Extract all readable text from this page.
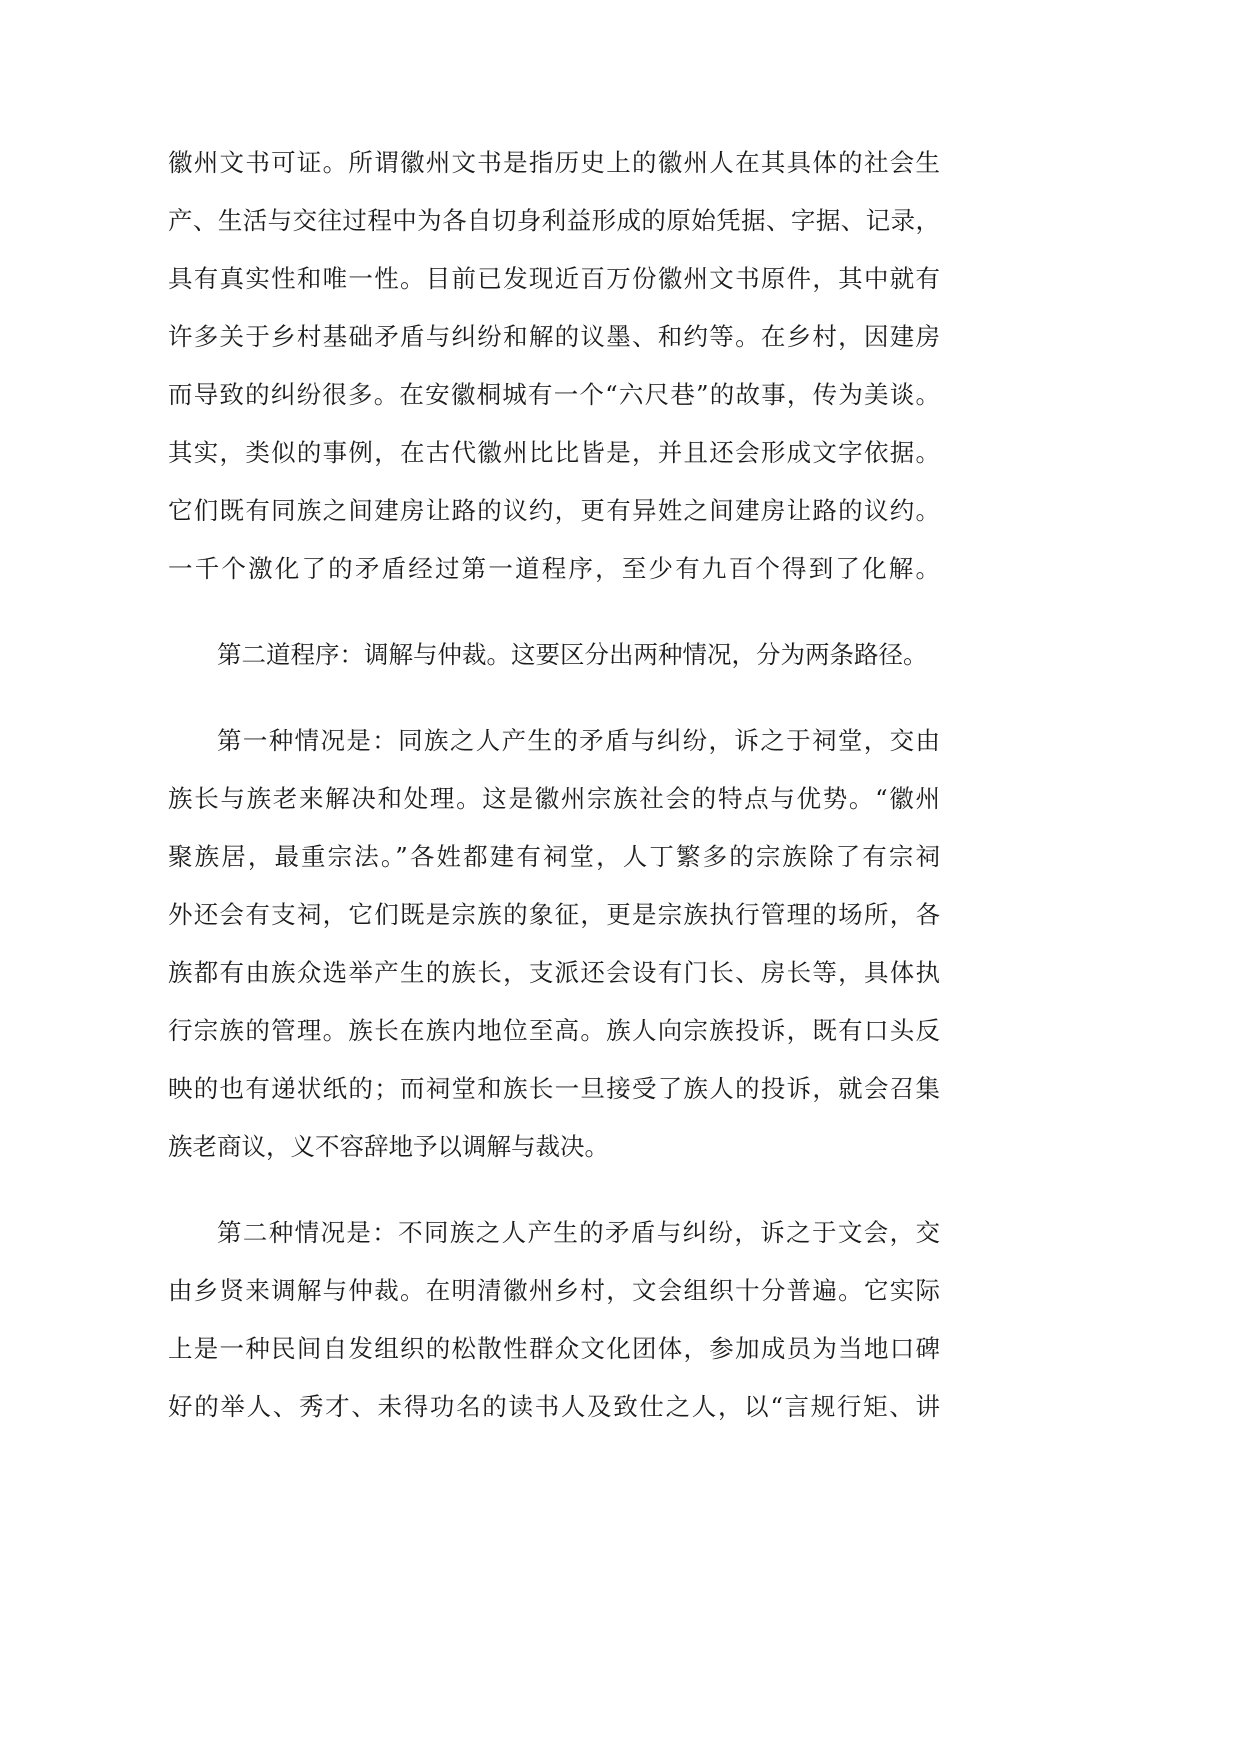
徽州文书可证。所谓徽州文书是指历史上的徽州人在其具体的社会生
产、生活与交往过程中为各自切身利益形成的原始凭据、字据、记录，
具有真实性和唯一性。目前已发现近百万份徽州文书原件，其中就有
许多关于乡村基础矛盾与纠纷和解的议墨、和约等。在乡村，因建房
而导致的纠纷很多。在安徽桐城有一个“六尺巷”的故事，传为美谈。
其实，类似的事例，在古代徽州比比皆是，并且还会形成文字依据。
它们既有同族之间建房让路的议约，更有异姓之间建房让路的议约。
一千个激化了的矛盾经过第一道程序，至少有九百个得到了化解。
第二道程序：调解与仲裁。这要区分出两种情况，分为两条路径。
第一种情况是：同族之人产生的矛盾与纠纷，诉之于祠堂，交由
族长与族老来解决和处理。这是徽州宗族社会的特点与优势。“徽州
聚族居，最重宗法。”各姓都建有祠堂，人丁繁多的宗族除了有宗祠
外还会有支祠，它们既是宗族的象征，更是宗族执行管理的场所，各
族都有由族众选举产生的族长，支派还会设有门长、房长等，具体执
行宗族的管理。族长在族内地位至高。族人向宗族投诉，既有口头反
映的也有递状纸的；而祠堂和族长一旦接受了族人的投诉，就会召集
族老商议，义不容辞地予以调解与裁决。
第二种情况是：不同族之人产生的矛盾与纠纷，诉之于文会，交
由乡贤来调解与仲裁。在明清徽州乡村，文会组织十分普遍。它实际
上是一种民间自发组织的松散性群众文化团体，参加成员为当地口碑
好的举人、秀才、未得功名的读书人及致仕之人，以“言规行矩、讲
